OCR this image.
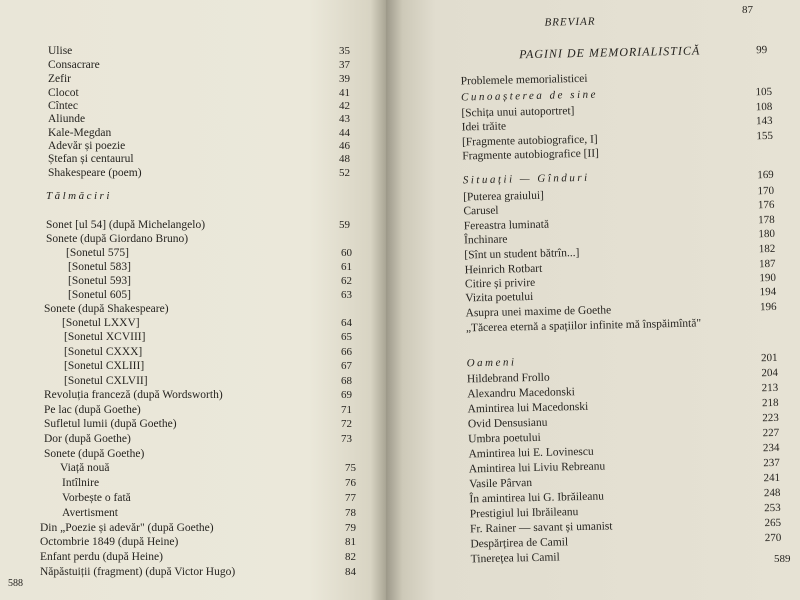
Ulise	35
Consacrare	37
Zefir	39
Clocot	41
Cîntec	42
Aliunde	43
Kale-Megdan	44
Adevăr și poezie	46
Ștefan și centaurul	48
Shakespeare (poem)	52
Sonet [ul 54] (după Michelangelo)	59
Sonete (după Giordano Bruno)
[Sonetul 575]	60
[Sonetul 583]	61
[Sonetul 593]	62
[Sonetul 605]	63
Sonete (după Shakespeare)
[Sonetul LXXV]	64
[Sonetul XCVIII]	65
[Sonetul CXXX]	66
[Sonetul CXLIII]	67
[Sonetul CXLVII]	68
Revoluția franceză (după Wordsworth)	69
Pe lac (după Goethe)	71
Sufletul lumii (după Goethe)	72
Dor (după Goethe)	73
Sonete (după Goethe)
Viață nouă	75
Intîlnire	76
Vorbește o fată	77
Avertisment	78
Din „Poezie și adevăr" (după Goethe)	79
Octombrie 1849 (după Heine)	81
Enfant perdu (după Heine)	82
Năpăstuiții (fragment) (după Victor Hugo)	84
Tălmăciri
588
BREVIAR
PAGINI DE MEMORIALISTICĂ	99
Problemele memorialisticei
Cunoașterea de sine	105
[Schița unui autoportret]	108
Idei trăite	143
[Fragmente autobiografice, I]	155
Fragmente autobiografice [II]
Situații — Gînduri	169
[Puterea graiului]	170
Carusel	176
Fereastra luminată	178
Închinare	180
[Sînt un student bătrîn...]	182
Heinrich Rotbart	187
Citire și privire	190
Vizita poetului	194
Asupra unei maxime de Goethe	196
„Tăcerea eternă a spațiilor infinite mă înspăimîntă"
Oameni	201
Hildebrand Frollo	204
Alexandru Macedonski	213
Amintirea lui Macedonski	218
Ovid Densusianu	223
Umbra poetului	227
Amintirea lui E. Lovinescu	234
Amintirea lui Liviu Rebreanu	237
Vasile Pârvan	241
În amintirea lui G. Ibrăileanu	248
Prestigiul lui Ibrăileanu	253
Fr. Rainer — savant și umanist	265
Despărțirea de Camil	270
Tinerețea lui Camil
87
589
